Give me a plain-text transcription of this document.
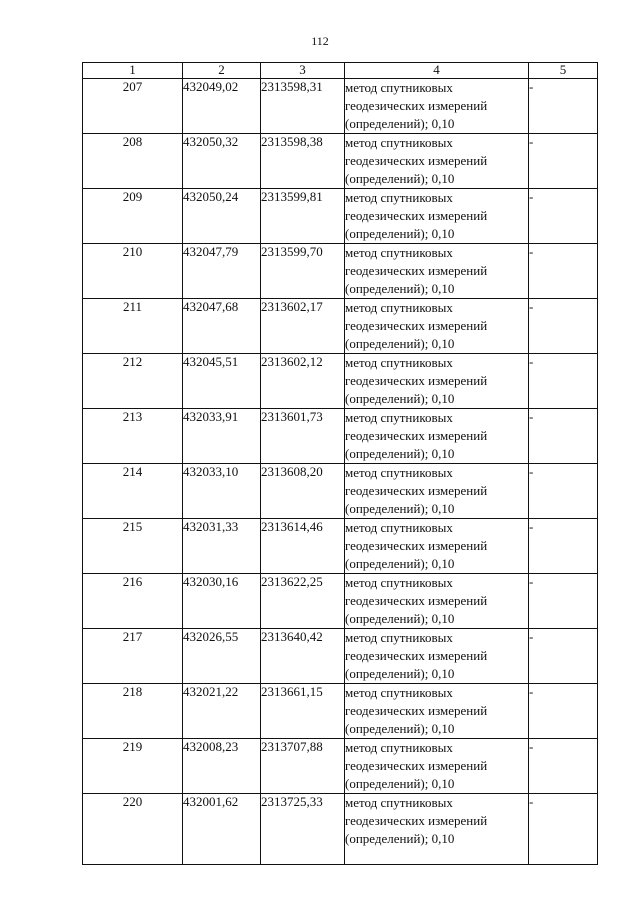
112
1	2	3	4	5
207	432049,02	2313598,31	метод спутниковых
геодезических измерений
(определений); 0,10	-
208	432050,32	2313598,38	метод спутниковых
геодезических измерений
(определений); 0,10	-
209	432050,24	2313599,81	метод спутниковых
геодезических измерений
(определений); 0,10	-
210	432047,79	2313599,70	метод спутниковых
геодезических измерений
(определений); 0,10	-
211	432047,68	2313602,17	метод спутниковых
геодезических измерений
(определений); 0,10	-
212	432045,51	2313602,12	метод спутниковых
геодезических измерений
(определений); 0,10	-
213	432033,91	2313601,73	метод спутниковых
геодезических измерений
(определений); 0,10	-
214	432033,10	2313608,20	метод спутниковых
геодезических измерений
(определений); 0,10	-
215	432031,33	2313614,46	метод спутниковых
геодезических измерений
(определений); 0,10	-
216	432030,16	2313622,25	метод спутниковых
геодезических измерений
(определений); 0,10	-
217	432026,55	2313640,42	метод спутниковых
геодезических измерений
(определений); 0,10	-
218	432021,22	2313661,15	метод спутниковых
геодезических измерений
(определений); 0,10	-
219	432008,23	2313707,88	метод спутниковых
геодезических измерений
(определений); 0,10	-
220	432001,62	2313725,33	метод спутниковых
геодезических измерений
(определений); 0,10	-
